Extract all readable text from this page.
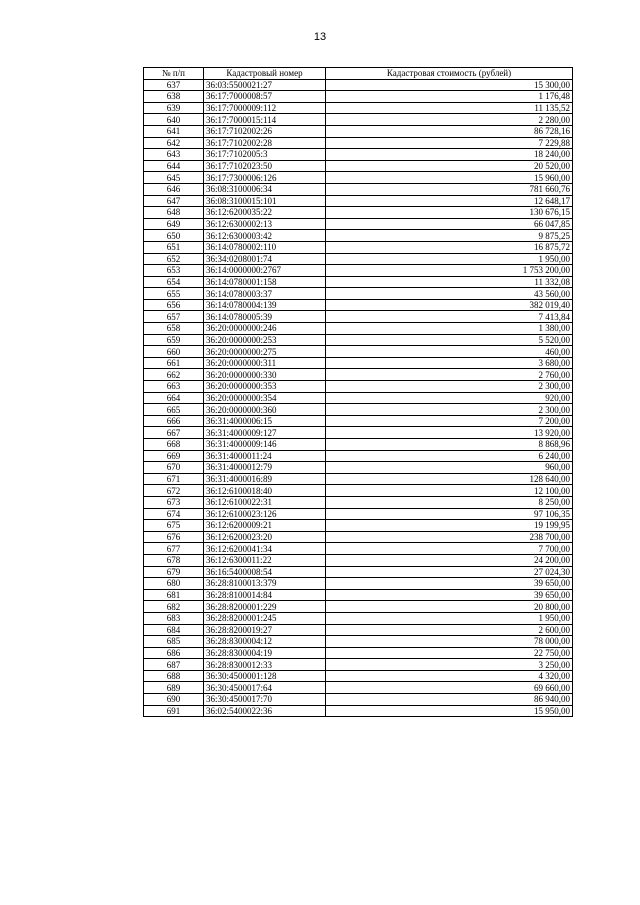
13
№ п/п	Кадастровый номер	Кадастровая стоимость (рублей)
637	36:03:5500021:27	15 300,00
638	36:17:7000008:57	1 176,48
639	36:17:7000009:112	11 135,52
640	36:17:7000015:114	2 280,00
641	36:17:7102002:26	86 728,16
642	36:17:7102002:28	7 229,88
643	36:17:7102005:3	18 240,00
644	36:17:7102023:50	20 520,00
645	36:17:7300006:126	15 960,00
646	36:08:3100006:34	781 660,76
647	36:08:3100015:101	12 648,17
648	36:12:6200035:22	130 676,15
649	36:12:6300002:13	66 047,85
650	36:12:6300003:42	9 875,25
651	36:14:0780002:110	16 875,72
652	36:34:0208001:74	1 950,00
653	36:14:0000000:2767	1 753 200,00
654	36:14:0780001:158	11 332,08
655	36:14:0780003:37	43 560,00
656	36:14:0780004:139	382 019,40
657	36:14:0780005:39	7 413,84
658	36:20:0000000:246	1 380,00
659	36:20:0000000:253	5 520,00
660	36:20:0000000:275	460,00
661	36:20:0000000:311	3 680,00
662	36:20:0000000:330	2 760,00
663	36:20:0000000:353	2 300,00
664	36:20:0000000:354	920,00
665	36:20:0000000:360	2 300,00
666	36:31:4000006:15	7 200,00
667	36:31:4000009:127	13 920,00
668	36:31:4000009:146	8 868,96
669	36:31:4000011:24	6 240,00
670	36:31:4000012:79	960,00
671	36:31:4000016:89	128 640,00
672	36:12:6100018:40	12 100,00
673	36:12:6100022:31	8 250,00
674	36:12:6100023:126	97 106,35
675	36:12:6200009:21	19 199,95
676	36:12:6200023:20	238 700,00
677	36:12:6200041:34	7 700,00
678	36:12:6300011:22	24 200,00
679	36:16:5400008:54	27 024,30
680	36:28:8100013:379	39 650,00
681	36:28:8100014:84	39 650,00
682	36:28:8200001:229	20 800,00
683	36:28:8200001:245	1 950,00
684	36:28:8200019:27	2 600,00
685	36:28:8300004:12	78 000,00
686	36:28:8300004:19	22 750,00
687	36:28:8300012:33	3 250,00
688	36:30:4500001:128	4 320,00
689	36:30:4500017:64	69 660,00
690	36:30:4500017:70	86 940,00
691	36:02:5400022:36	15 950,00
